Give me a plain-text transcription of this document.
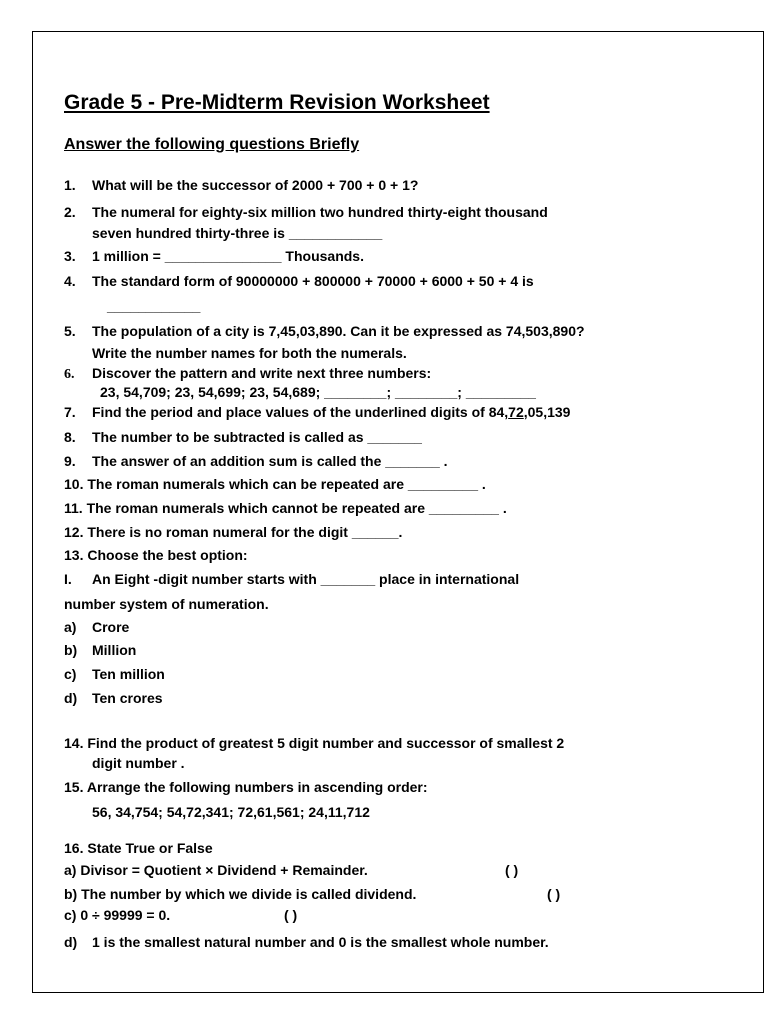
Grade 5 - Pre-Midterm Revision Worksheet
Answer the following questions Briefly
1. What will be the successor of 2000 + 700 + 0 + 1?
2. The numeral for eighty-six million two hundred thirty-eight thousand
seven hundred thirty-three is ____________
3. 1 million = _______________ Thousands.
4. The standard form of 90000000 + 800000 + 70000 + 6000 + 50 + 4 is
____________
5. The population of a city is 7,45,03,890. Can it be expressed as 74,503,890?
Write the number names for both the numerals.
6. Discover the pattern and write next three numbers:
23, 54,709; 23, 54,699; 23, 54,689; ________; ________; _________
7. Find the period and place values of the underlined digits of 84,72,05,139
8. The number to be subtracted is called as _______
9. The answer of an addition sum is called the _______ .
10. The roman numerals which can be repeated are _________ .
11. The roman numerals which cannot be repeated are _________ .
12. There is no roman numeral for the digit ______.
13. Choose the best option:
I. An Eight -digit number starts with _______ place in international
number system of numeration.
a) Crore
b) Million
c) Ten million
d) Ten crores
14. Find the product of greatest 5 digit number and successor of smallest 2
digit number .
15. Arrange the following numbers in ascending order:
56, 34,754; 54,72,341; 72,61,561; 24,11,712
16. State True or False
a) Divisor = Quotient × Dividend + Remainder.	( )
b) The number by which we divide is called dividend.	( )
c) 0 ÷ 99999 = 0.	( )
d) 1 is the smallest natural number and 0 is the smallest whole number.
